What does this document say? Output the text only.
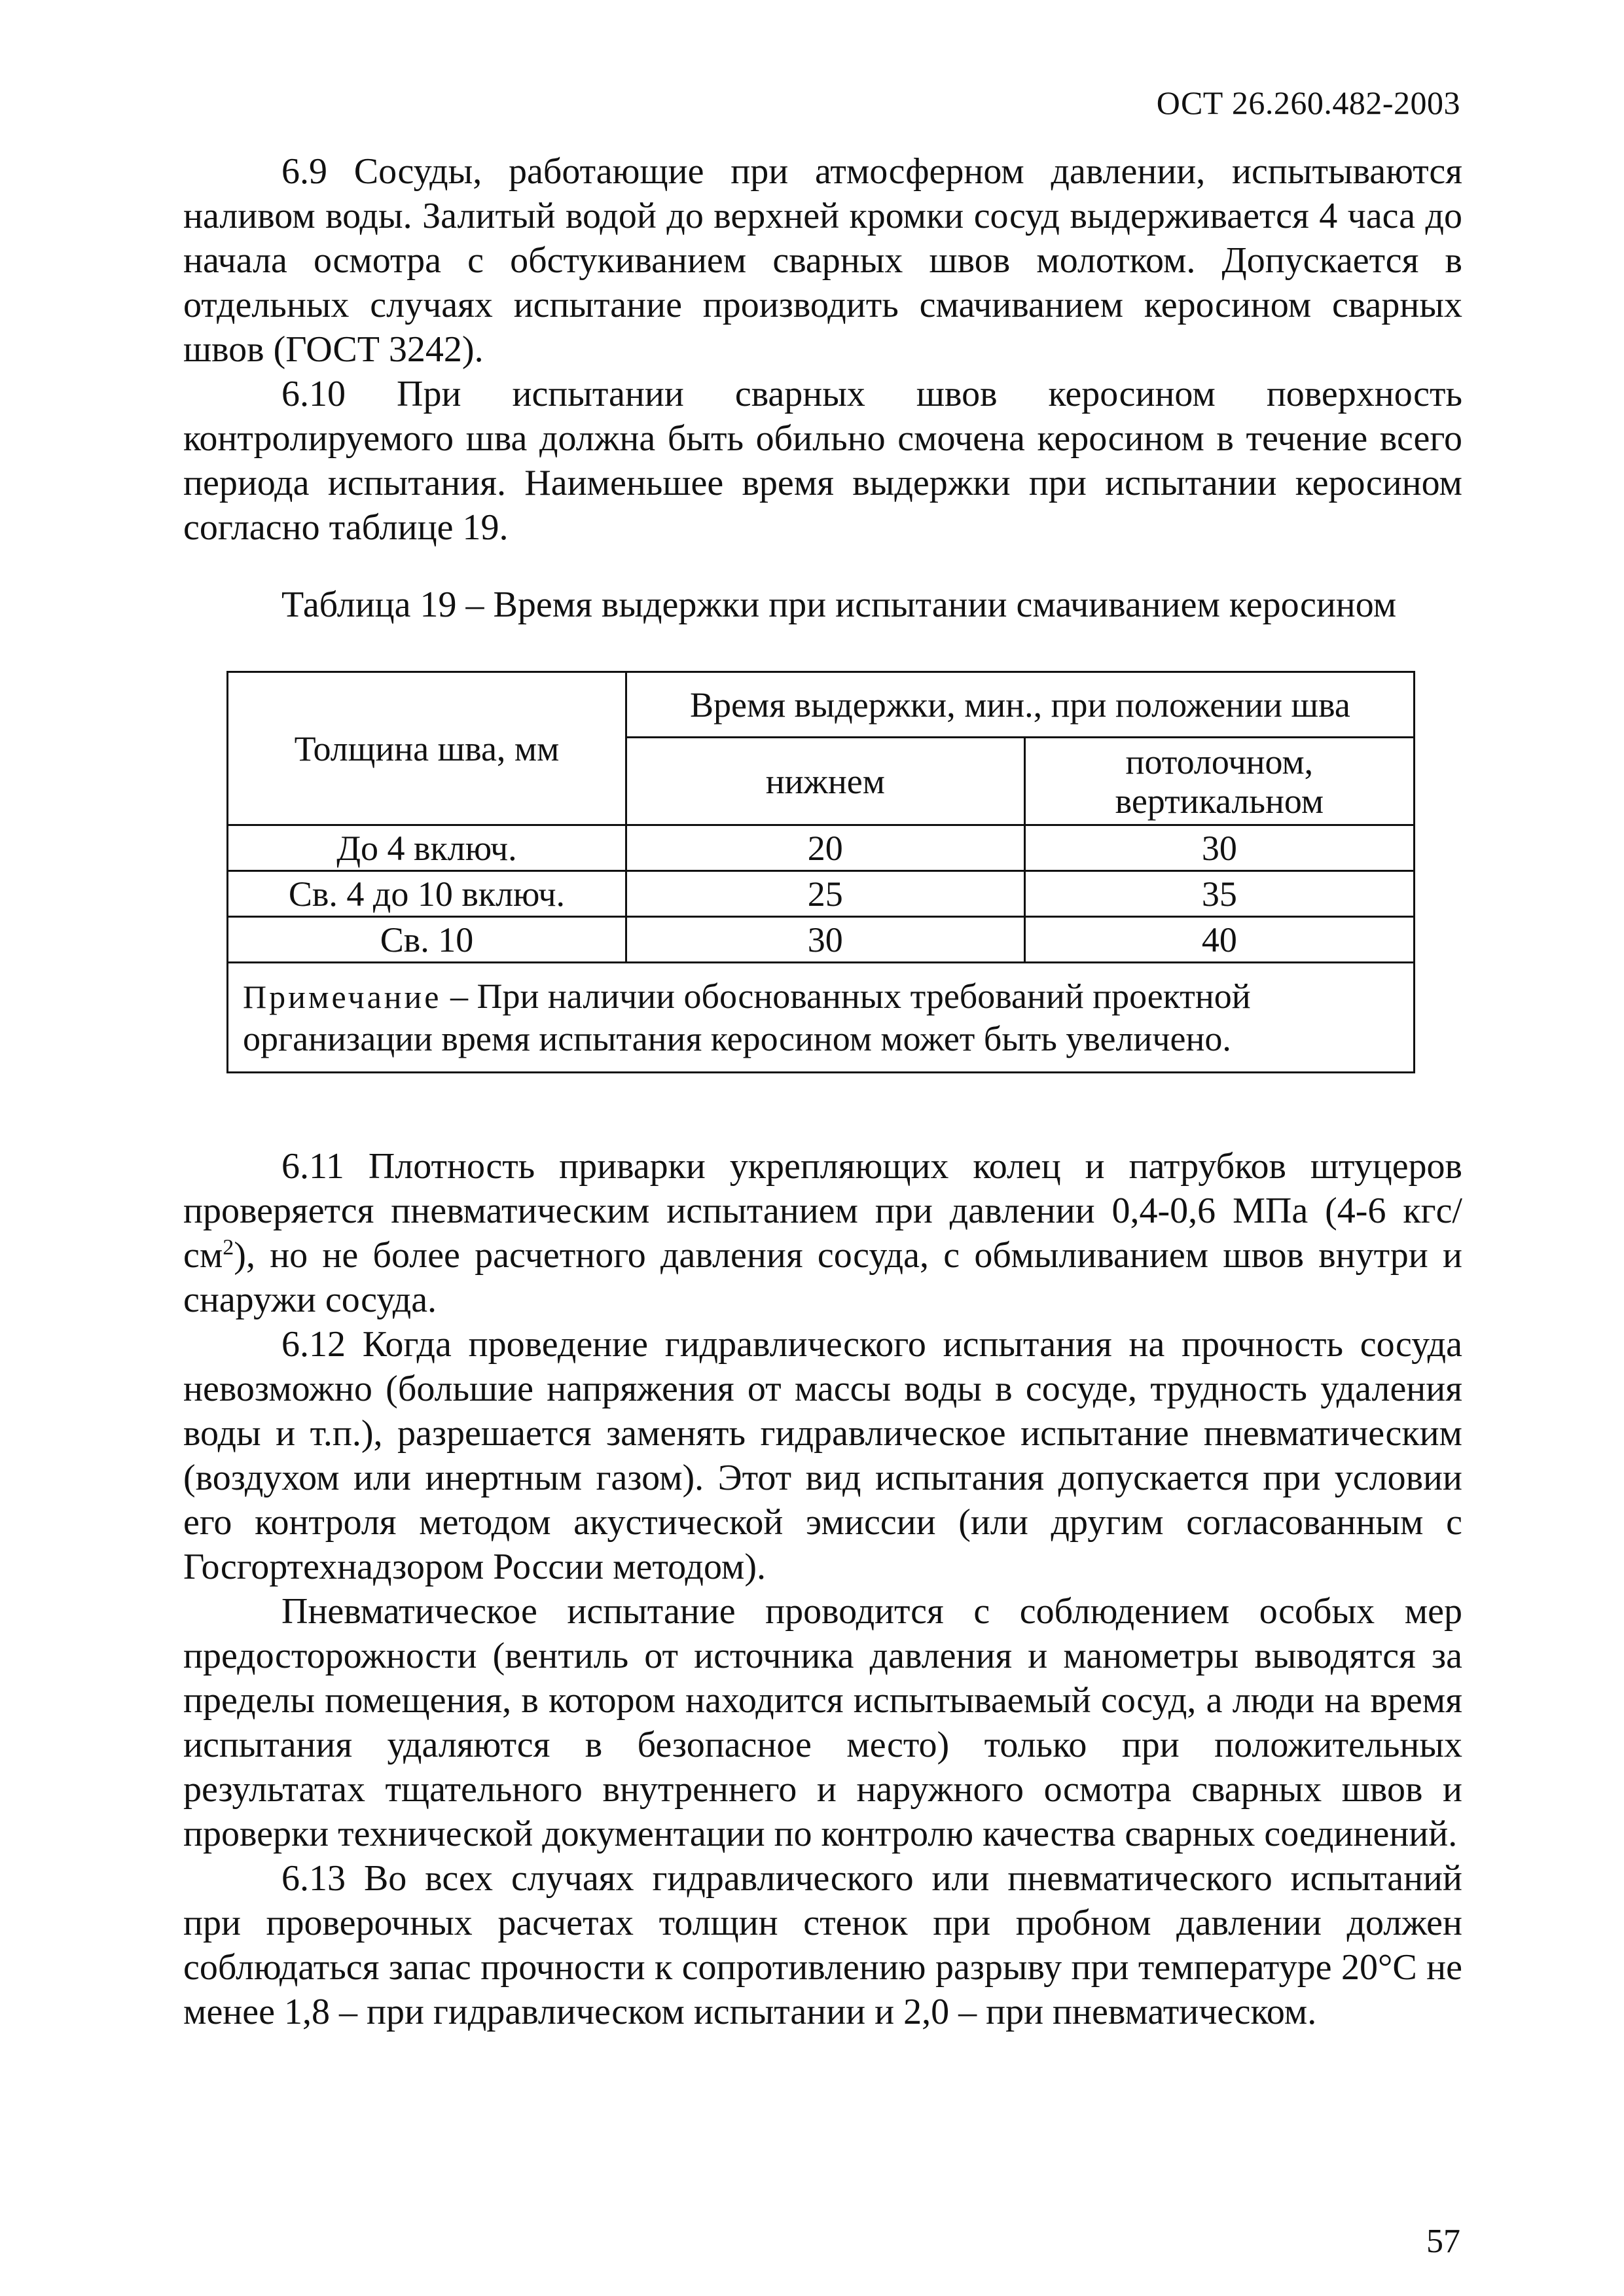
ОСТ 26.260.482-2003

6.9 Сосуды, работающие при атмосферном давлении, испытываются наливом воды. Залитый водой до верхней кромки сосуд выдерживается 4 часа до начала осмотра с обстукиванием сварных швов молотком. Допускается в отдельных случаях испытание производить смачиванием керосином сварных швов (ГОСТ 3242).

6.10 При испытании сварных швов керосином поверхность контролируемого шва должна быть обильно смочена керосином в течение всего периода испытания. Наименьшее время выдержки при испытании керосином согласно таблице 19.

Таблица 19 – Время выдержки при испытании смачиванием керосином
Толщина шва, мм	Время выдержки, мин., при положении шва	
	нижнем	потолочном, вертикальном
До 4 включ.	20	30
Св. 4 до 10 включ.	25	35
Св. 10	30	40
Примечание – При наличии обоснованных требований проектной организации время испытания керосином может быть увеличено.		

6.11 Плотность приварки укрепляющих колец и патрубков штуцеров проверяется пневматическим испытанием при давлении 0,4-0,6 МПа (4-6 кгс/$см^2$), но не более расчетного давления сосуда, с обмыливанием швов внутри и снаружи сосуда.

6.12 Когда проведение гидравлического испытания на прочность сосуда невозможно (большие напряжения от массы воды в сосуде, трудность удаления воды и т.п.), разрешается заменять гидравлическое испытание пневматическим (воздухом или инертным газом). Этот вид испытания допускается при условии его контроля методом акустической эмиссии (или другим согласованным с Госгортехнадзором России методом).

Пневматическое испытание проводится с соблюдением особых мер предосторожности (вентиль от источника давления и манометры выводятся за пределы помещения, в котором находится испытываемый сосуд, а люди на время испытания удаляются в безопасное место) только при положительных результатах тщательного внутреннего и наружного осмотра сварных швов и проверки технической документации по контролю качества сварных соединений.

6.13 Во всех случаях гидравлического или пневматического испытаний при проверочных расчетах толщин стенок при пробном давлении должен соблюдаться запас прочности к сопротивлению разрыву при температуре 20°С не менее 1,8 – при гидравлическом испытании и 2,0 – при пневматическом.

57
